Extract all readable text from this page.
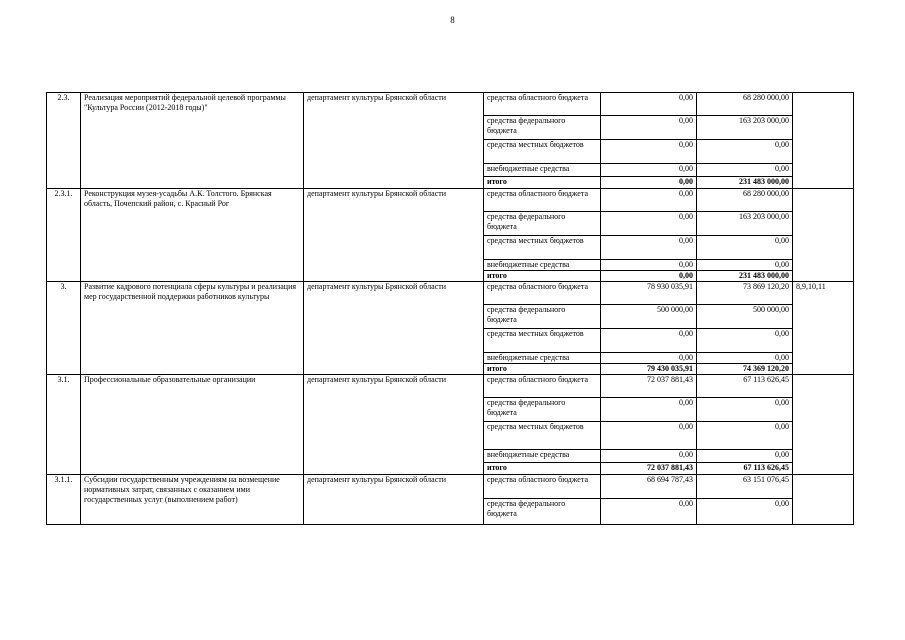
8
2.3.	Реализация мероприятий федеральной целевой программы "Культура России (2012-2018 годы)"	департамент культуры Брянской области	средства областного бюджета	0,00	68 280 000,00	
			средства федерального бюджета	0,00	163 203 000,00	
			средства местных бюджетов	0,00	0,00	
			внебюджетные средства	0,00	0,00	
			итого	0,00	231 483 000,00	
2.3.1.	Реконструкция музея-усадьбы А.К. Толстого. Брянская область, Почепский район, с. Красный Рог	департамент культуры Брянской области	средства областного бюджета	0,00	68 280 000,00	
			средства федерального бюджета	0,00	163 203 000,00	
			средства местных бюджетов	0,00	0,00	
			внебюджетные средства	0,00	0,00	
			итого	0,00	231 483 000,00	
3.	Развитие кадрового потенциала сферы культуры и реализация мер государственной поддержки работников культуры	департамент культуры Брянской области	средства областного бюджета	78 930 035,91	73 869 120,20	8,9,10,11
			средства федерального бюджета	500 000,00	500 000,00	
			средства местных бюджетов	0,00	0,00	
			внебюджетные средства	0,00	0,00	
			итого	79 430 035,91	74 369 120,20	
3.1.	Профессиональные образовательные организации	департамент культуры Брянской области	средства областного бюджета	72 037 881,43	67 113 626,45	
			средства федерального бюджета	0,00	0,00	
			средства местных бюджетов	0,00	0,00	
			внебюджетные средства	0,00	0,00	
			итого	72 037 881,43	67 113 626,45	
3.1.1.	Субсидии государственным учреждениям на возмещение нормативных затрат, связанных с оказанием ими государственных услуг (выполнением работ)	департамент культуры Брянской области	средства областного бюджета	68 694 787,43	63 151 076,45	
			средства федерального бюджета	0,00	0,00	
